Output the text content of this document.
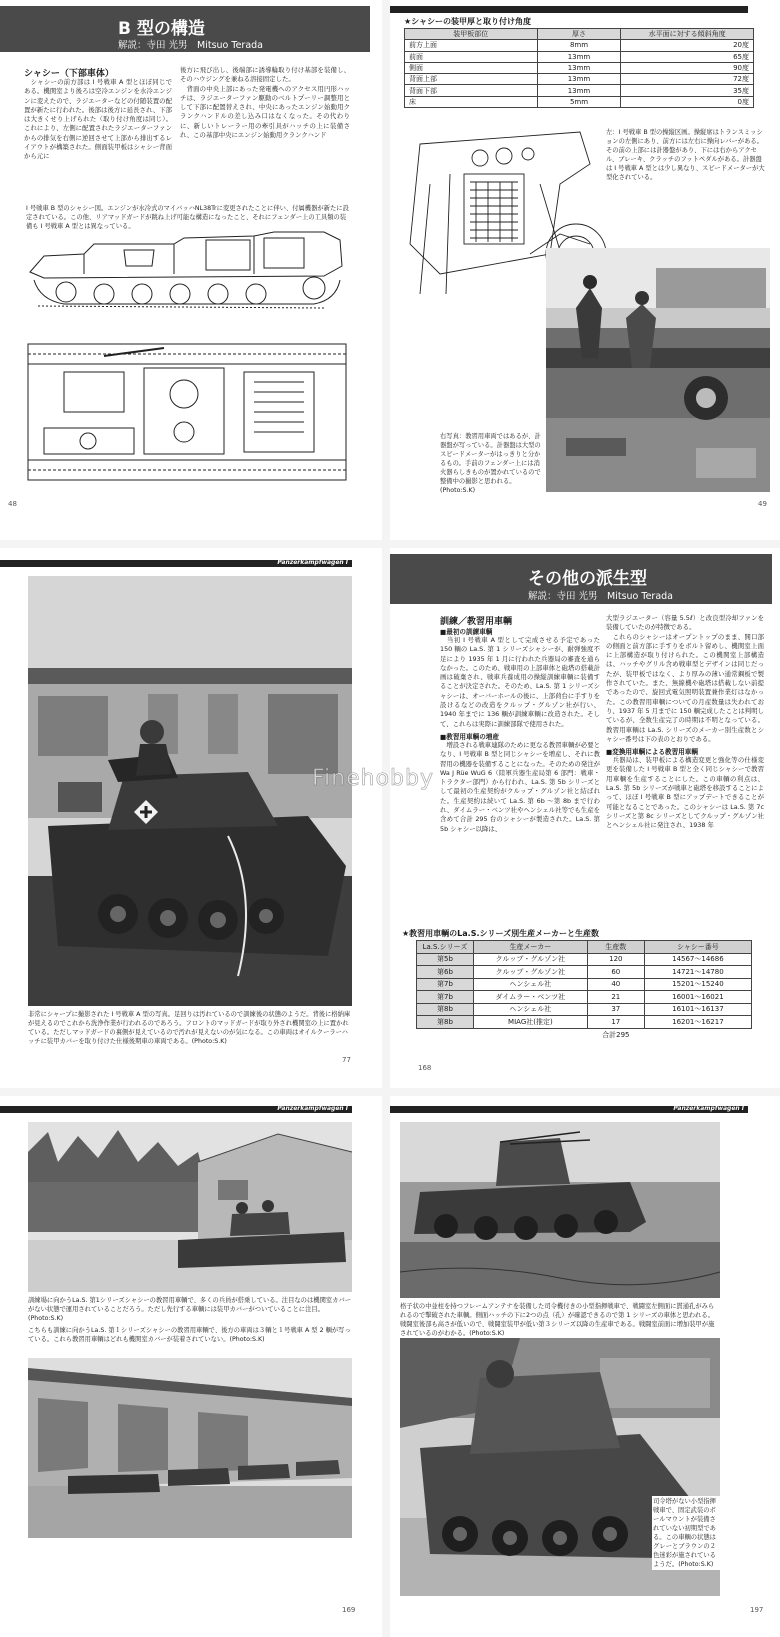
B 型の構造
解説：寺田 光男　Mitsuo Terada
シャシー（下部車体）
　シャシーの前方部は I 号戦車 A 型とほぼ同じである。機関室より後ろは空冷エンジンを水冷エンジンに変えたので、ラジエーターなどの付随装置の配置が新たに行われた。後部は後方に延長され、下部は大きくせり上げられた（取り付け角度は同じ）。これにより、左側に配置されたラジエーターファンからの排気を右側に逆回させて上部から排出するレイアウトが構築された。側面装甲板はシャシー背面から元に
後方に飛び出し、後端部に誘導輪取り付け基部を装備し、そのハウジングを兼ねる溶接固定した。
　背面の中央上部にあった発電機へのアクセス用円形ハッチは、ラジエーターファン駆動のベルトプーリー調整用として下部に配置替えされ、中央にあったエンジン始動用クランクハンドルの差し込み口はなくなった。その代わりに、新しいトレーラー用の牽引具がハッチの上に装備され、この基部中央にエンジン始動用クランクハンド
I 号戦車 B 型のシャシー図。エンジンが水冷式のマイバッハNL38Trに変更されたことに伴い、付属機器が新たに設定されている。この他、リアマッドガードが跳ね上げ可能な構造になったこと、それにフェンダー上の工具類の装備も I 号戦車 A 型とは異なっている。
48
★シャシーの装甲厚と取り付け角度
装甲板部位	厚さ	水平面に対する傾斜角度
前方上面	8mm	20度
前面	13mm	65度
側面	13mm	90度
背面上部	13mm	72度
背面下部	13mm	35度
床	5mm	0度
左：I 号戦車 B 型の操縦区画。操縦席はトランスミッションの左側にあり、前方には左右に操向レバーがある。その前の上部には計器盤があり、下には右からアクセル、ブレーキ、クラッチのフットペダルがある。計器盤は I 号戦車 A 型とは少し異なり、スピードメーターが大型化されている。
右写真：教習用車両ではあるが、計器盤が写っている。計器盤は大型のスピードメーターがはっきりと分かるもの。手前のフェンダー上には消火器らしきものが置かれているので整備中の撮影と思われる。(Photo:S.K)
49
Panzerkampfwagen I
非常にシャープに撮影された I 号戦車 A 型の写真。足回りは汚れているので訓練後の状態のようだ。背後に格納庫が見えるのでこれから洗浄作業が行われるのであろう。フロントのマッドガードが取り外され機関室の上に置かれている。ただしマッドガードの裏側が見えているので汚れが見えないのが気になる。この車両はオイルクーラーハッチに装甲カバーを取り付けた仕様後期車の車両である。(Photo:S.K)
77
その他の派生型
解説：寺田 光男　Mitsuo Terada
訓練／教習用車輌
■最初の訓練車輌
　当初 I 号戦車 A 型として完成させる予定であった 150 輌の La.S. 第 1 シリーズシャシーが、耐弾強度不足により 1935 年 1 月に行われた兵器局の審査を通らなかった。このため、戦車用の上部車体と砲塔の搭載計画は破棄され、戦車兵養成用の操縦訓練車輌に装備することが決定された。そのため、La.S. 第 1 シリーズシャシーは、オーバーホールの後に、上部荷台に手すりを設けるなどの改造をクルップ・グルゾン社が行い、1940 年までに 136 輌が訓練車輌に改造された。そして、これらは実際に訓練部隊で使用された。
■教習用車輌の増産
　増設される戦車連隊のために更なる教習車輌が必要となり、I 号戦車 B 型と同じシャシーを増産し、それに教習用の機器を装備することになった。そのための発注が Wa J Rüe WuG 6（陸軍兵器生産局第 6 部門：戦車・トラクター部門）から行われ、La.S. 第 5b シリーズとして最初の生産契約がクルップ・グルゾン社と結ばれた。生産契約は続いて La.S. 第 6b ～第 8b まで行われ、ダイムラー・ベンツ社やヘンシェル社等でも生産を含めて合計 295 台のシャシーが製造された。La.S. 第 5b シャシー以降は、
大型ラジエーター（容量 5.5ℓ）と改良型冷却ファンを装備していたのが特徴である。
　これらのシャシーはオープントップのまま、開口部の側面と前方部に手すりをボルト留めし、機関室上面に上部構造が取り付けられた。この機関室上部構造は、ハッチやグリル含め戦車型とデザインは同じだったが、装甲板ではなく、より厚みの薄い通常鋼板で製作されていた。また、無線機や砲塔は搭載しない前提であったので、旋回式電気照明装置兼作業灯はなかった。この教習用車輌についての月産数量は失われており、1937 年 5 月までに 150 輌完成したことは判明しているが、全数生産完了の時期は不明となっている。教習用車輌は La.S. シリーズのメーカー別生産数とシャシー番号は下の表のとおりである。
■変換用車輌による教習用車輌
　兵器局は、装甲板による構造変更と強化等の仕様変更を装備した I 号戦車 B 型と全く同じシャシーで教習用車輌を生産することにした。この車輌の利点は、La.S. 第 5b シリーズが戦車と砲塔を移設することによって、ほぼ I 号戦車 B 型にアップデートできることが可能となることであった。このシャシーは La.S. 第 7c シリーズと第 8c シリーズとしてクルップ・グルゾン社とヘンシェル社に発注され、1938 年
Finehobby
★教習用車輌のLa.S.シリーズ別生産メーカーと生産数
La.S.シリーズ	生産メーカー	生産数	シャシー番号
第5b	クルップ・グルゾン社	120	14567〜14686
第6b	クルップ・グルゾン社	60	14721〜14780
第7b	ヘンシェル社	40	15201〜15240
第7b	ダイムラー・ベンツ社	21	16001〜16021
第8b	ヘンシェル社	37	16101〜16137
第8b	MIAG社(推定)	17	16201〜16217
		合計295	
168
Panzerkampfwagen I
訓練場に向かうLa.S. 第1シリーズシャシーの教習用車輌で、多くの兵員が搭乗している。注目なのは機関室カバーがない状態で運用されていることだろう。ただし先行する車輌には装甲カバーがついていることに注目。(Photo:S.K)
こちらも訓練に向かうLa.S. 第１シリーズシャシーの教習用車輌で、後方の車両は３輌と１号戦車 A 型 2 輌が写っている。これら教習用車輌はどれも機関室カバーが装着されていない。(Photo:S.K)
169
Panzerkampfwagen I
格子状の中並柱を持つフレームアンテナを装備した司令機付きの小型指揮戦車で、戦闘室左側面に貫通孔がみられるので撃破された車輌。側面ハッチの下に2つの点（孔）が確認できるので第 1 シリーズの車体と思われる。戦闘室後部も高さが低いので、戦闘室装甲が低い第３シリーズ以降の生産車である。戦闘室前面に増加装甲が施されているのがわかる。(Photo:S.K)
司令塔がない小型指揮戦車で、固定武装のボールマウントが装備されていない初期型である。この車輌の状態はグレーとブラウンの２色迷彩が施されているようだ。(Photo:S.K)
197
